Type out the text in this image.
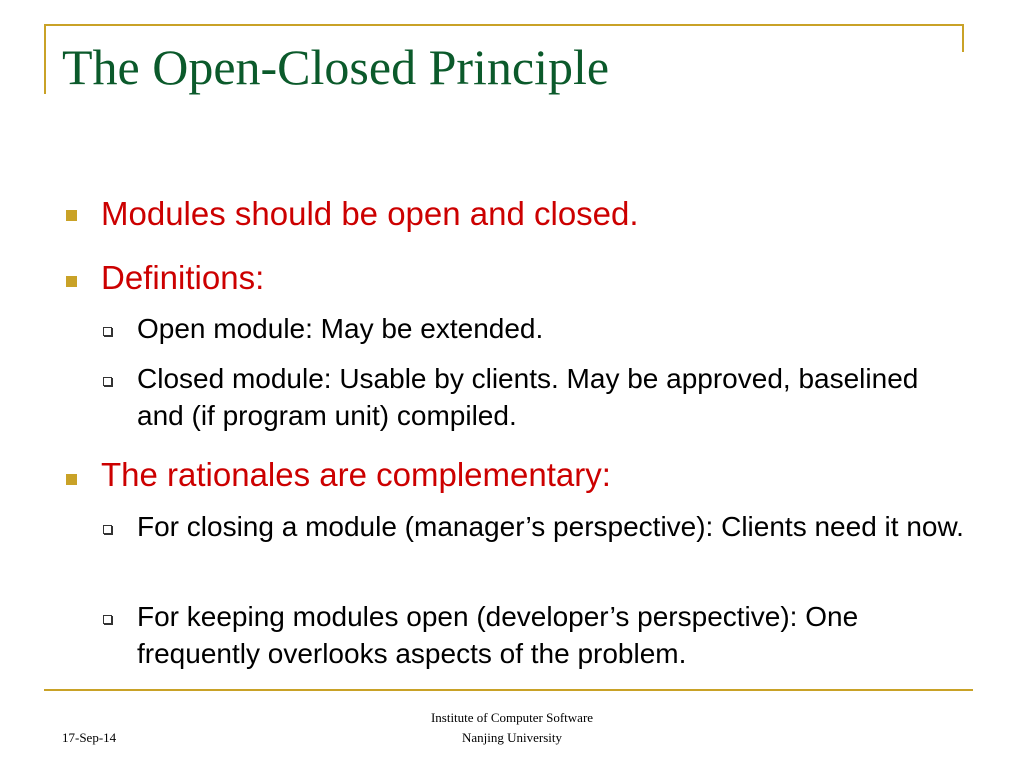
The Open-Closed Principle
Modules should be open and closed.
Definitions:
Open module: May be extended.
Closed module: Usable by clients. May be approved, baselined and (if program unit) compiled.
The rationales are complementary:
For closing a module (manager’s perspective): Clients need it now.
For keeping modules open (developer’s perspective): One frequently overlooks aspects of the problem.
17-Sep-14
Institute of Computer Software
Nanjing University
